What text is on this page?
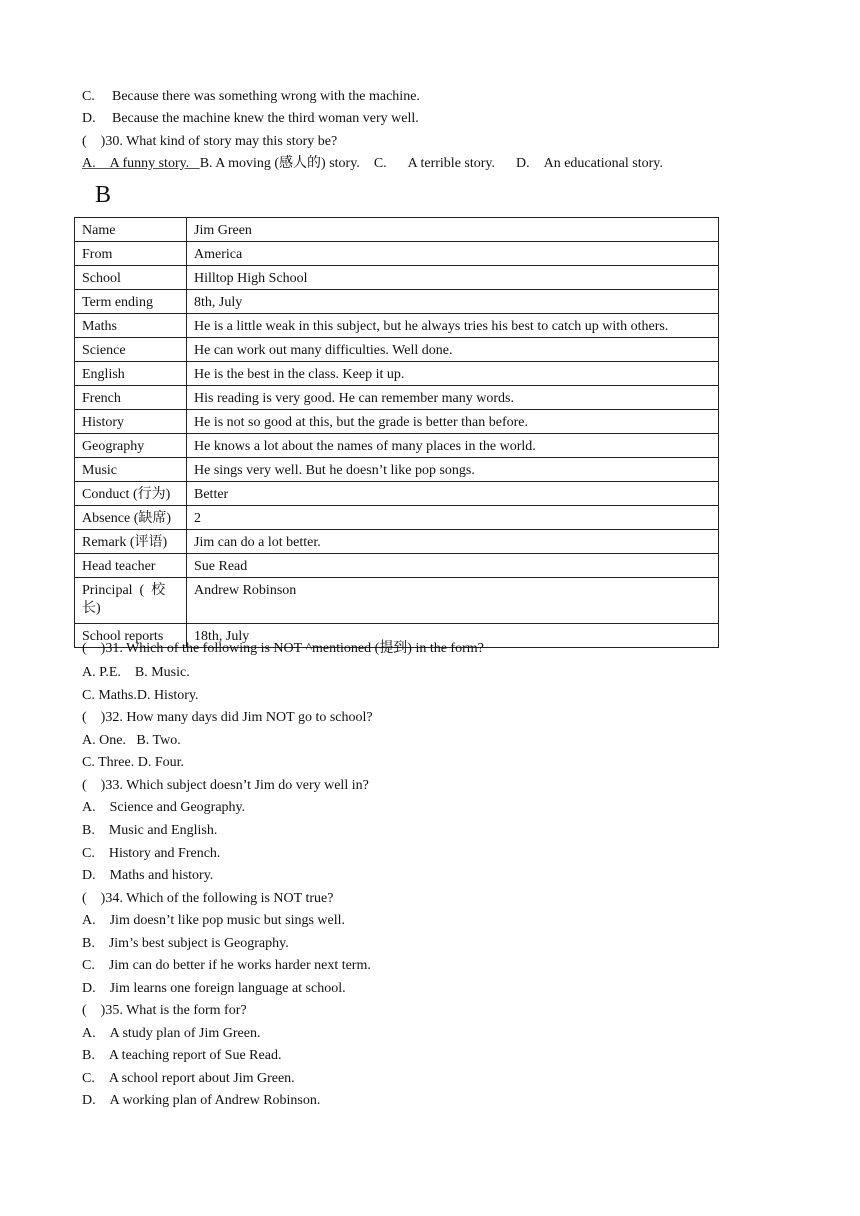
C. Because there was something wrong with the machine.
D. Because the machine knew the third woman very well.
(    )30. What kind of story may this story be?
A.    A funny story.   B. A moving (感人的) story. C.      A terrible story. D.    An educational story.
B
Name	Jim Green
From	America
School	Hilltop High School
Term ending	8th, July
Maths	He is a little weak in this subject, but he always tries his best to catch up with others.
Science	He can work out many difficulties. Well done.
English	He is the best in the class. Keep it up.
French	His reading is very good. He can remember many words.
History	He is not so good at this, but the grade is better than before.
Geography	He knows a lot about the names of many places in the world.
Music	He sings very well. But he doesn’t like pop songs.
Conduct (行为)	Better
Absence (缺席)	2
Remark (评语)	Jim can do a lot better.
Head teacher	Sue Read
Principal  (  校长)	Andrew Robinson
School reports	18th, July
(    )31. Which of the following is NOT ^mentioned (提到) in the form?
A. P.E.    B. Music.
C. Maths.D. History.
(    )32. How many days did Jim NOT go to school?
A. One.   B. Two.
C. Three. D. Four.
(    )33. Which subject doesn’t Jim do very well in?
A.    Science and Geography.
B.    Music and English.
C.    History and French.
D.    Maths and history.
(    )34. Which of the following is NOT true?
A.    Jim doesn’t like pop music but sings well.
B.    Jim’s best subject is Geography.
C.    Jim can do better if he works harder next term.
D.    Jim learns one foreign language at school.
(    )35. What is the form for?
A.    A study plan of Jim Green.
B.    A teaching report of Sue Read.
C.    A school report about Jim Green.
D.    A working plan of Andrew Robinson.
